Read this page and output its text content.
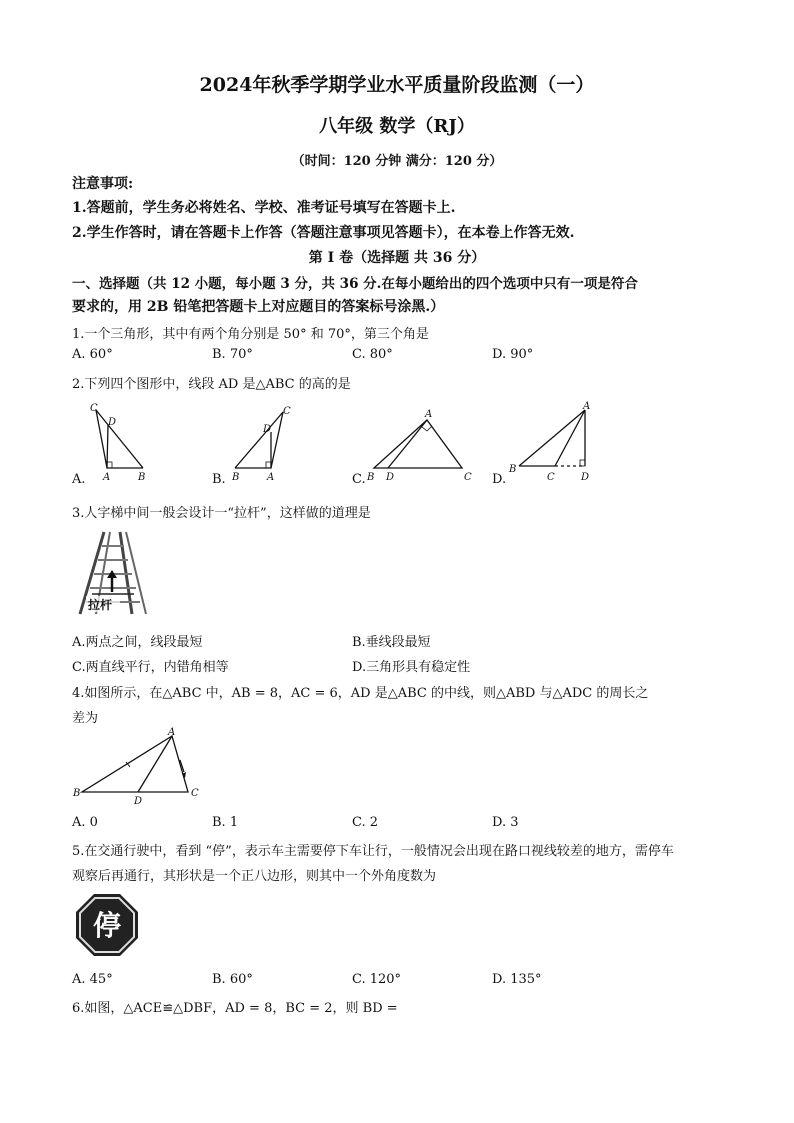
2024年秋季学期学业水平质量阶段监测（一）
八年级 数学（RJ）
（时间：120 分钟 满分：120 分）
注意事项:
1.答题前，学生务必将姓名、学校、准考证号填写在答题卡上.
2.学生作答时，请在答题卡上作答（答题注意事项见答题卡），在本卷上作答无效.
第 Ⅰ 卷（选择题 共 36 分）
一、选择题（共 12 小题，每小题 3 分，共 36 分.在每小题给出的四个选项中只有一项是符合
要求的，用 2B 铅笔把答题卡上对应题目的答案标号涂黑.）
1.一个三角形，其中有两个角分别是 50° 和 70°，第三个角是
A. 60°	B. 70°	C. 80°	D. 90°
2.下列四个图形中，线段 AD 是△ABC 的高的是
C
D
A	B
A.
C
D
B	A
B.
A
B D	C
C.
A
B
C	D
D.
3.人字梯中间一般会设计一“拉杆”，这样做的道理是
拉杆
A.两点之间，线段最短	B.垂线段最短
C.两直线平行，内错角相等	D.三角形具有稳定性
4.如图所示，在△ABC 中，AB = 8，AC = 6，AD 是△ABC 的中线，则△ABD 与△ADC 的周长之
差为
A
B
D
C
A. 0	B. 1	C. 2	D. 3
5.在交通行驶中，看到 “停”，表示车主需要停下车让行，一般情况会出现在路口视线较差的地方，需停车
观察后再通行，其形状是一个正八边形，则其中一个外角度数为
停
A. 45°	B. 60°	C. 120°	D. 135°
6.如图，△ACE≌△DBF，AD = 8，BC = 2，则 BD =
